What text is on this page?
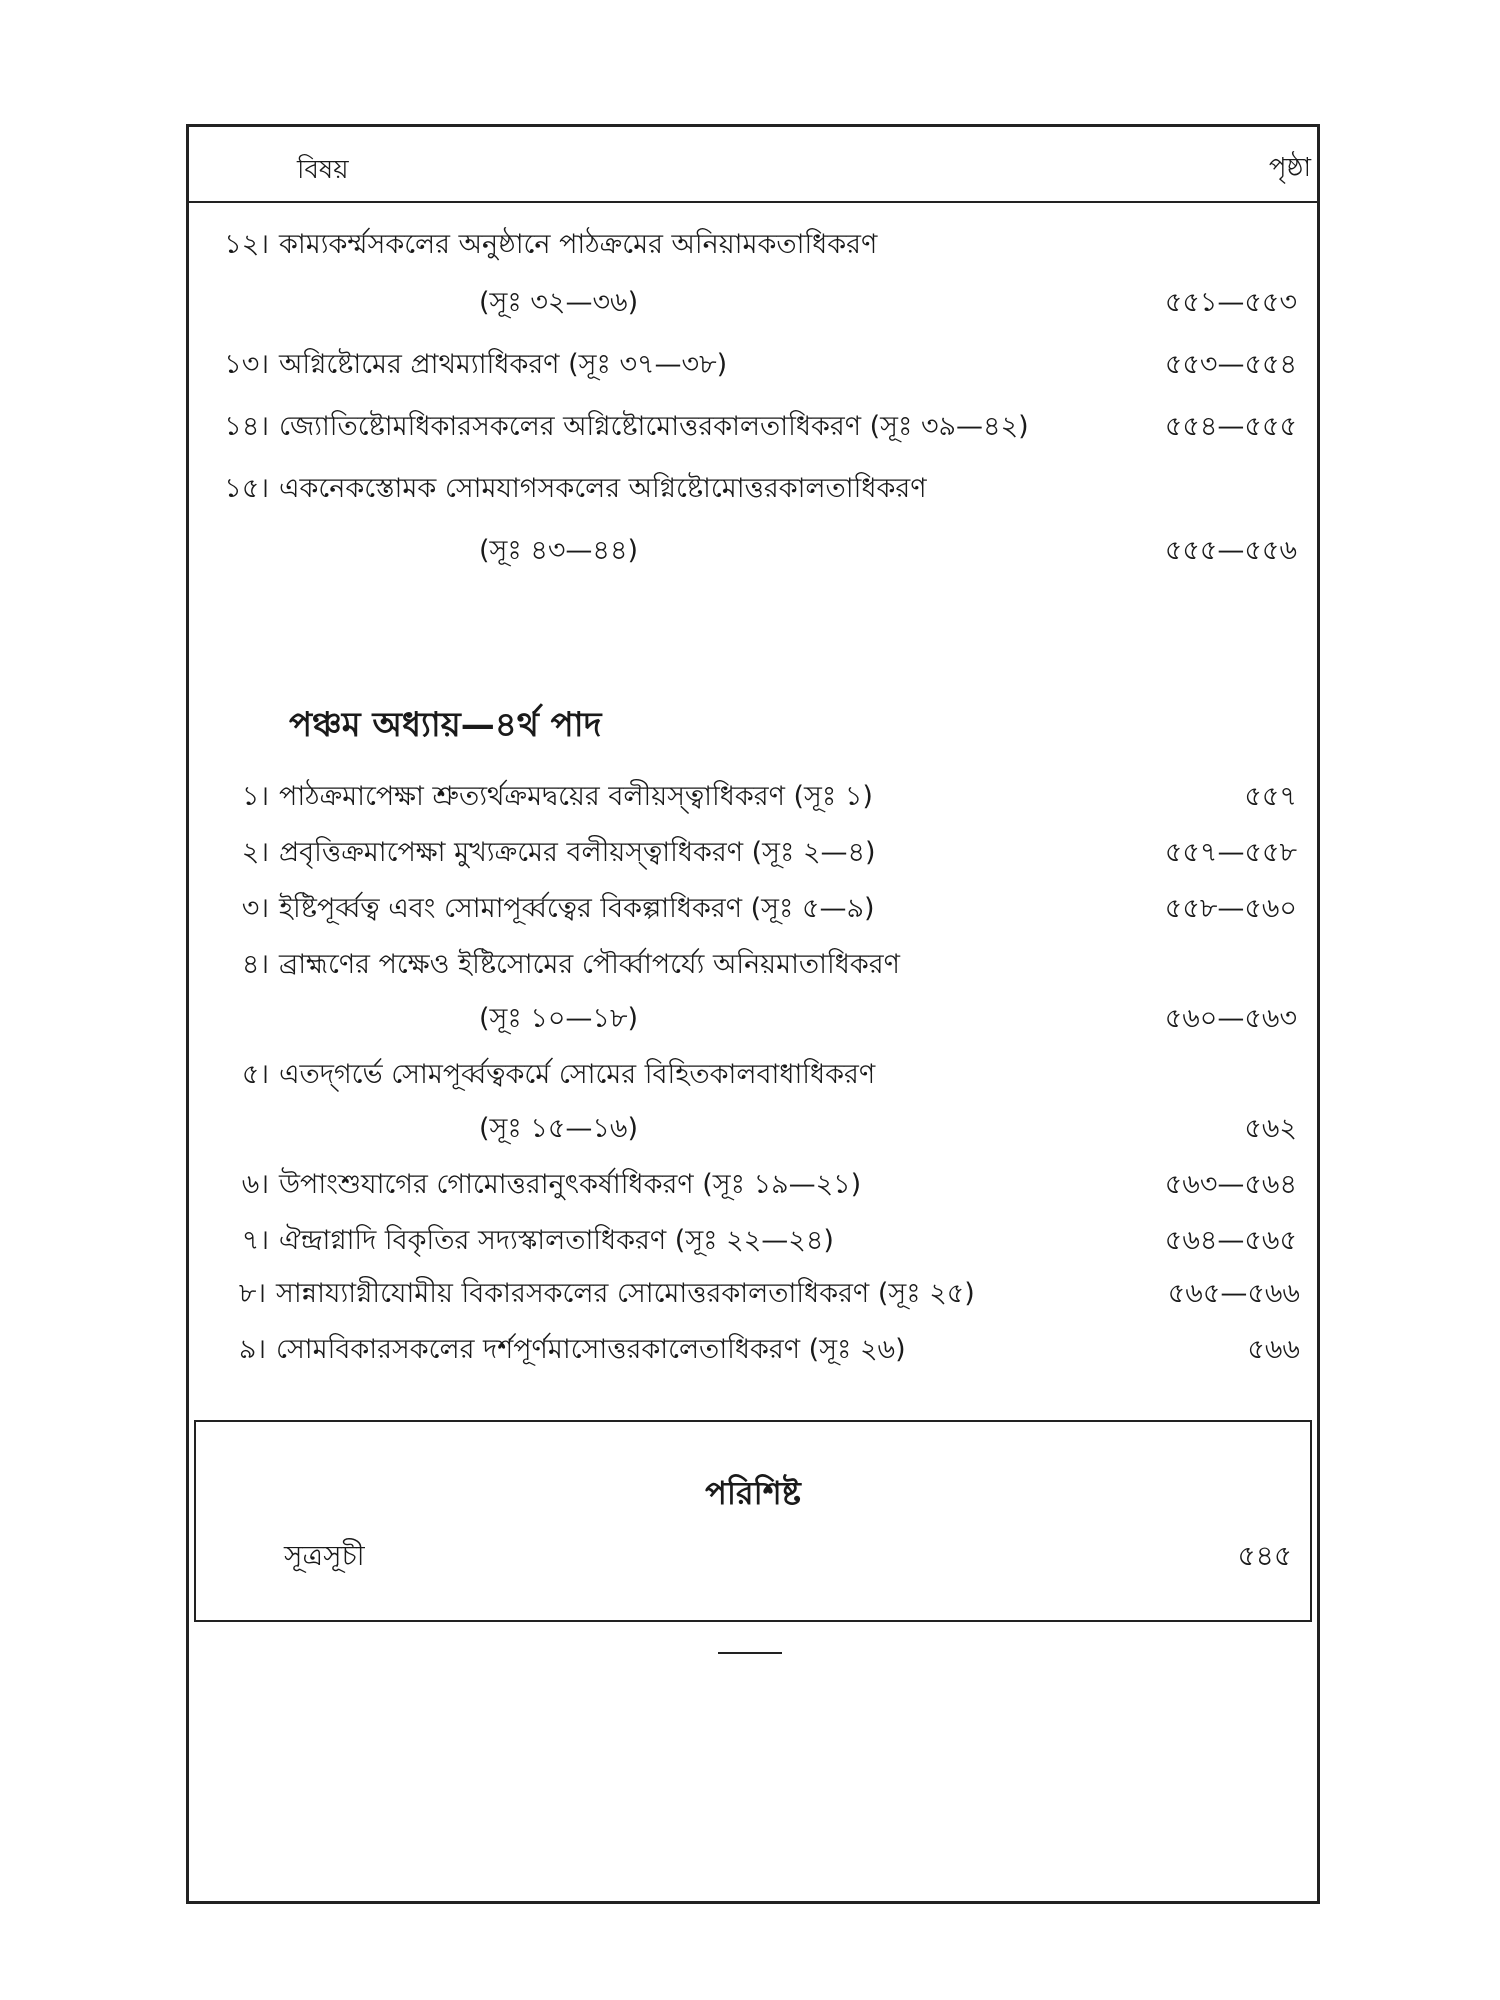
বিষয়	পৃষ্ঠা
১২। কাম্যকর্ম্মসকলের অনুষ্ঠানে পাঠক্রমের অনিয়ামকতাধিকরণ
(সূঃ ৩২—৩৬)	৫৫১—৫৫৩
১৩। অগ্নিষ্টোমের প্রাথম্যাধিকরণ (সূঃ ৩৭—৩৮)	৫৫৩—৫৫৪
১৪। জ্যোতিষ্টোমধিকারসকলের অগ্নিষ্টোমোত্তরকালতাধিকরণ (সূঃ ৩৯—৪২)	৫৫৪—৫৫৫
১৫। একনেকস্তোমক সোমযাগসকলের অগ্নিষ্টোমোত্তরকালতাধিকরণ
(সূঃ ৪৩—৪৪)	৫৫৫—৫৫৬
পঞ্চম অধ্যায়—৪র্থ পাদ
১। পাঠক্রমাপেক্ষা শ্রুত্যর্থক্রমদ্বয়ের বলীয়স্ত্বাধিকরণ (সূঃ ১)	৫৫৭
২। প্রবৃত্তিক্রমাপেক্ষা মুখ্যক্রমের বলীয়স্ত্বাধিকরণ (সূঃ ২—৪)	৫৫৭—৫৫৮
৩। ইষ্টিপূর্ব্বত্ব এবং সোমাপূর্ব্বত্বের বিকল্পাধিকরণ (সূঃ ৫—৯)	৫৫৮—৫৬০
৪। ব্রাহ্মণের পক্ষেও ইষ্টিসোমের পৌর্ব্বাপর্য্যে অনিয়মাতাধিকরণ
(সূঃ ১০—১৮)	৫৬০—৫৬৩
৫। এতদ্‌গর্ভে সোমপূর্ব্বত্বকর্মে সোমের বিহিতকালবাধাধিকরণ
(সূঃ ১৫—১৬)	৫৬২
৬। উপাংশুযাগের গোমোত্তরানুৎকর্ষাধিকরণ (সূঃ ১৯—২১)	৫৬৩—৫৬৪
৭। ঐন্দ্রাগ্নাদি বিকৃতির সদ্যস্কালতাধিকরণ (সূঃ ২২—২৪)	৫৬৪—৫৬৫
৮। সান্নায্যাগ্নীযোমীয় বিকারসকলের সোমোত্তরকালতাধিকরণ (সূঃ ২৫)	৫৬৫—৫৬৬
৯। সোমবিকারসকলের দর্শপূর্ণমাসোত্তরকালেতাধিকরণ (সূঃ ২৬)	৫৬৬
পরিশিষ্ট
সূত্রসূচী	৫৪৫
